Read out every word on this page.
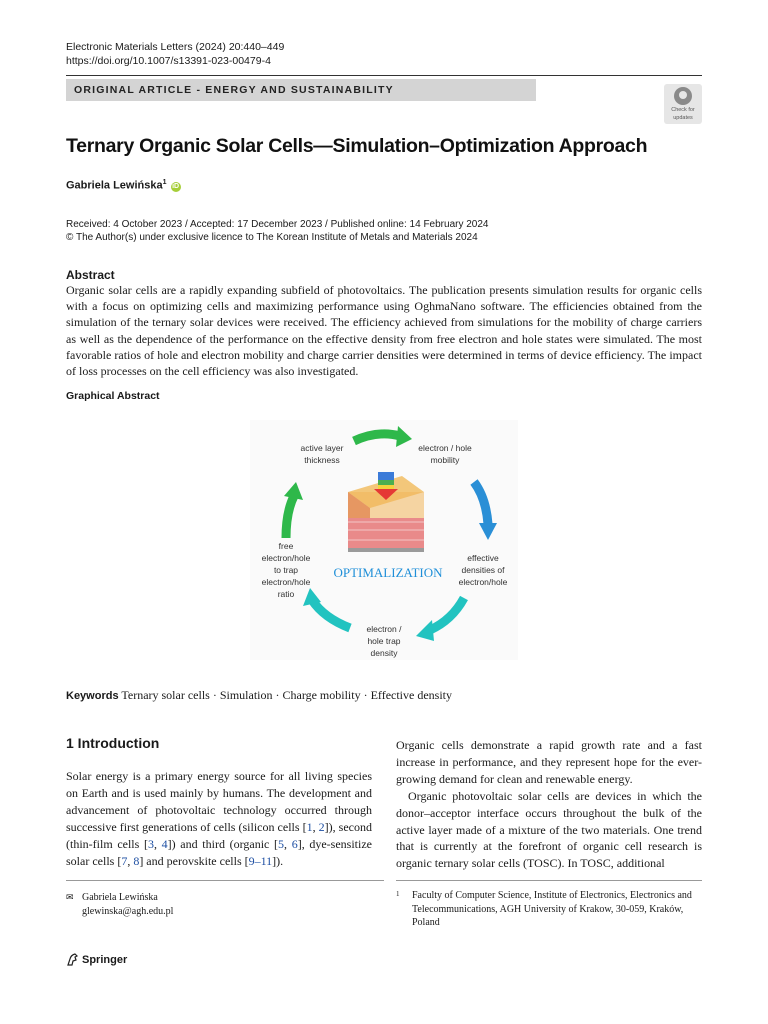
Electronic Materials Letters (2024) 20:440–449
https://doi.org/10.1007/s13391-023-00479-4
ORIGINAL ARTICLE - ENERGY AND SUSTAINABILITY
Check for
updates
Ternary Organic Solar Cells—Simulation–Optimization Approach
Gabriela Lewińska$^1$ iD
Received: 4 October 2023 / Accepted: 17 December 2023 / Published online: 14 February 2024
© The Author(s) under exclusive licence to The Korean Institute of Metals and Materials 2024
Abstract
Organic solar cells are a rapidly expanding subfield of photovoltaics. The publication presents simulation results for organic cells with a focus on optimizing cells and maximizing performance using OghmaNano software. The efficiencies obtained from the simulation of the ternary solar devices were received. The efficiency achieved from simulations for the mobility of charge carriers as well as the dependence of the performance on the effective density from free electron and hole states were simulated. The most favorable ratios of hole and electron mobility and charge carrier densities were determined in terms of device efficiency. The impact of loss processes on the cell efficiency was also investigated.
Graphical Abstract
OPTIMALIZATION
active layer
thickness
electron / hole
mobility
effective
densities of
electron/hole
electron /
hole trap
density
free
electron/hole
to trap
electron/hole
ratio
Keywords Ternary solar cells · Simulation · Charge mobility · Effective density
1 Introduction

Solar energy is a primary energy source for all living species on Earth and is used mainly by humans. The development and advancement of photovoltaic technology occurred through successive first generations of cells (silicon cells [1, 2]), second (thin-film cells [3, 4]) and third (organic [5, 6], dye-sensitize solar cells [7, 8] and perovskite cells [9–11]).

Organic cells demonstrate a rapid growth rate and a fast increase in performance, and they represent hope for the ever-growing demand for clean and renewable energy.

Organic photovoltaic solar cells are devices in which the donor–acceptor interface occurs throughout the bulk of the active layer made of a mixture of the two materials. One trend that is currently at the forefront of organic cell research is organic ternary solar cells (TOSC). In TOSC, additional

✉ Gabriela Lewińska
glewinska@agh.edu.pl
1 Faculty of Computer Science, Institute of Electronics, Electronics and Telecommunications, AGH University of Krakow, 30-059, Kraków, Poland
Springer
